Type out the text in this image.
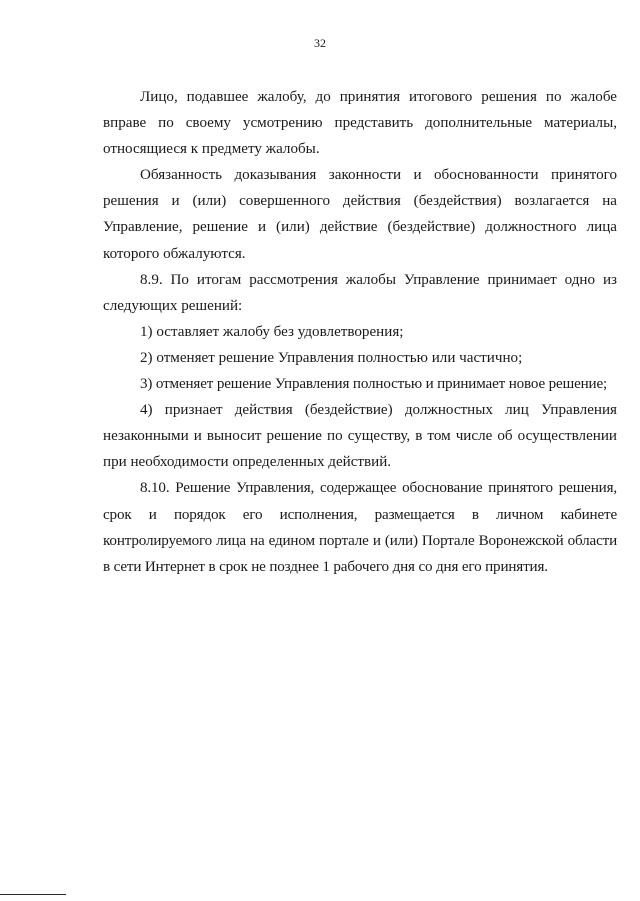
32

Лицо, подавшее жалобу, до принятия итогового решения по жалобе вправе по своему усмотрению представить дополнительные материалы, относящиеся к предмету жалобы.

Обязанность доказывания законности и обоснованности принятого решения и (или) совершенного действия (бездействия) возлагается на Управление, решение и (или) действие (бездействие) должностного лица которого обжалуются.

8.9. По итогам рассмотрения жалобы Управление принимает одно из следующих решений:

1) оставляет жалобу без удовлетворения;

2) отменяет решение Управления полностью или частично;

3) отменяет решение Управления полностью и принимает новое решение;

4) признает действия (бездействие) должностных лиц Управления незаконными и выносит решение по существу, в том числе об осуществлении при необходимости определенных действий.

8.10. Решение Управления, содержащее обоснование принятого решения, срок и порядок его исполнения, размещается в личном кабинете контролируемого лица на едином портале и (или) Портале Воронежской области в сети Интернет в срок не позднее 1 рабочего дня со дня его принятия.
